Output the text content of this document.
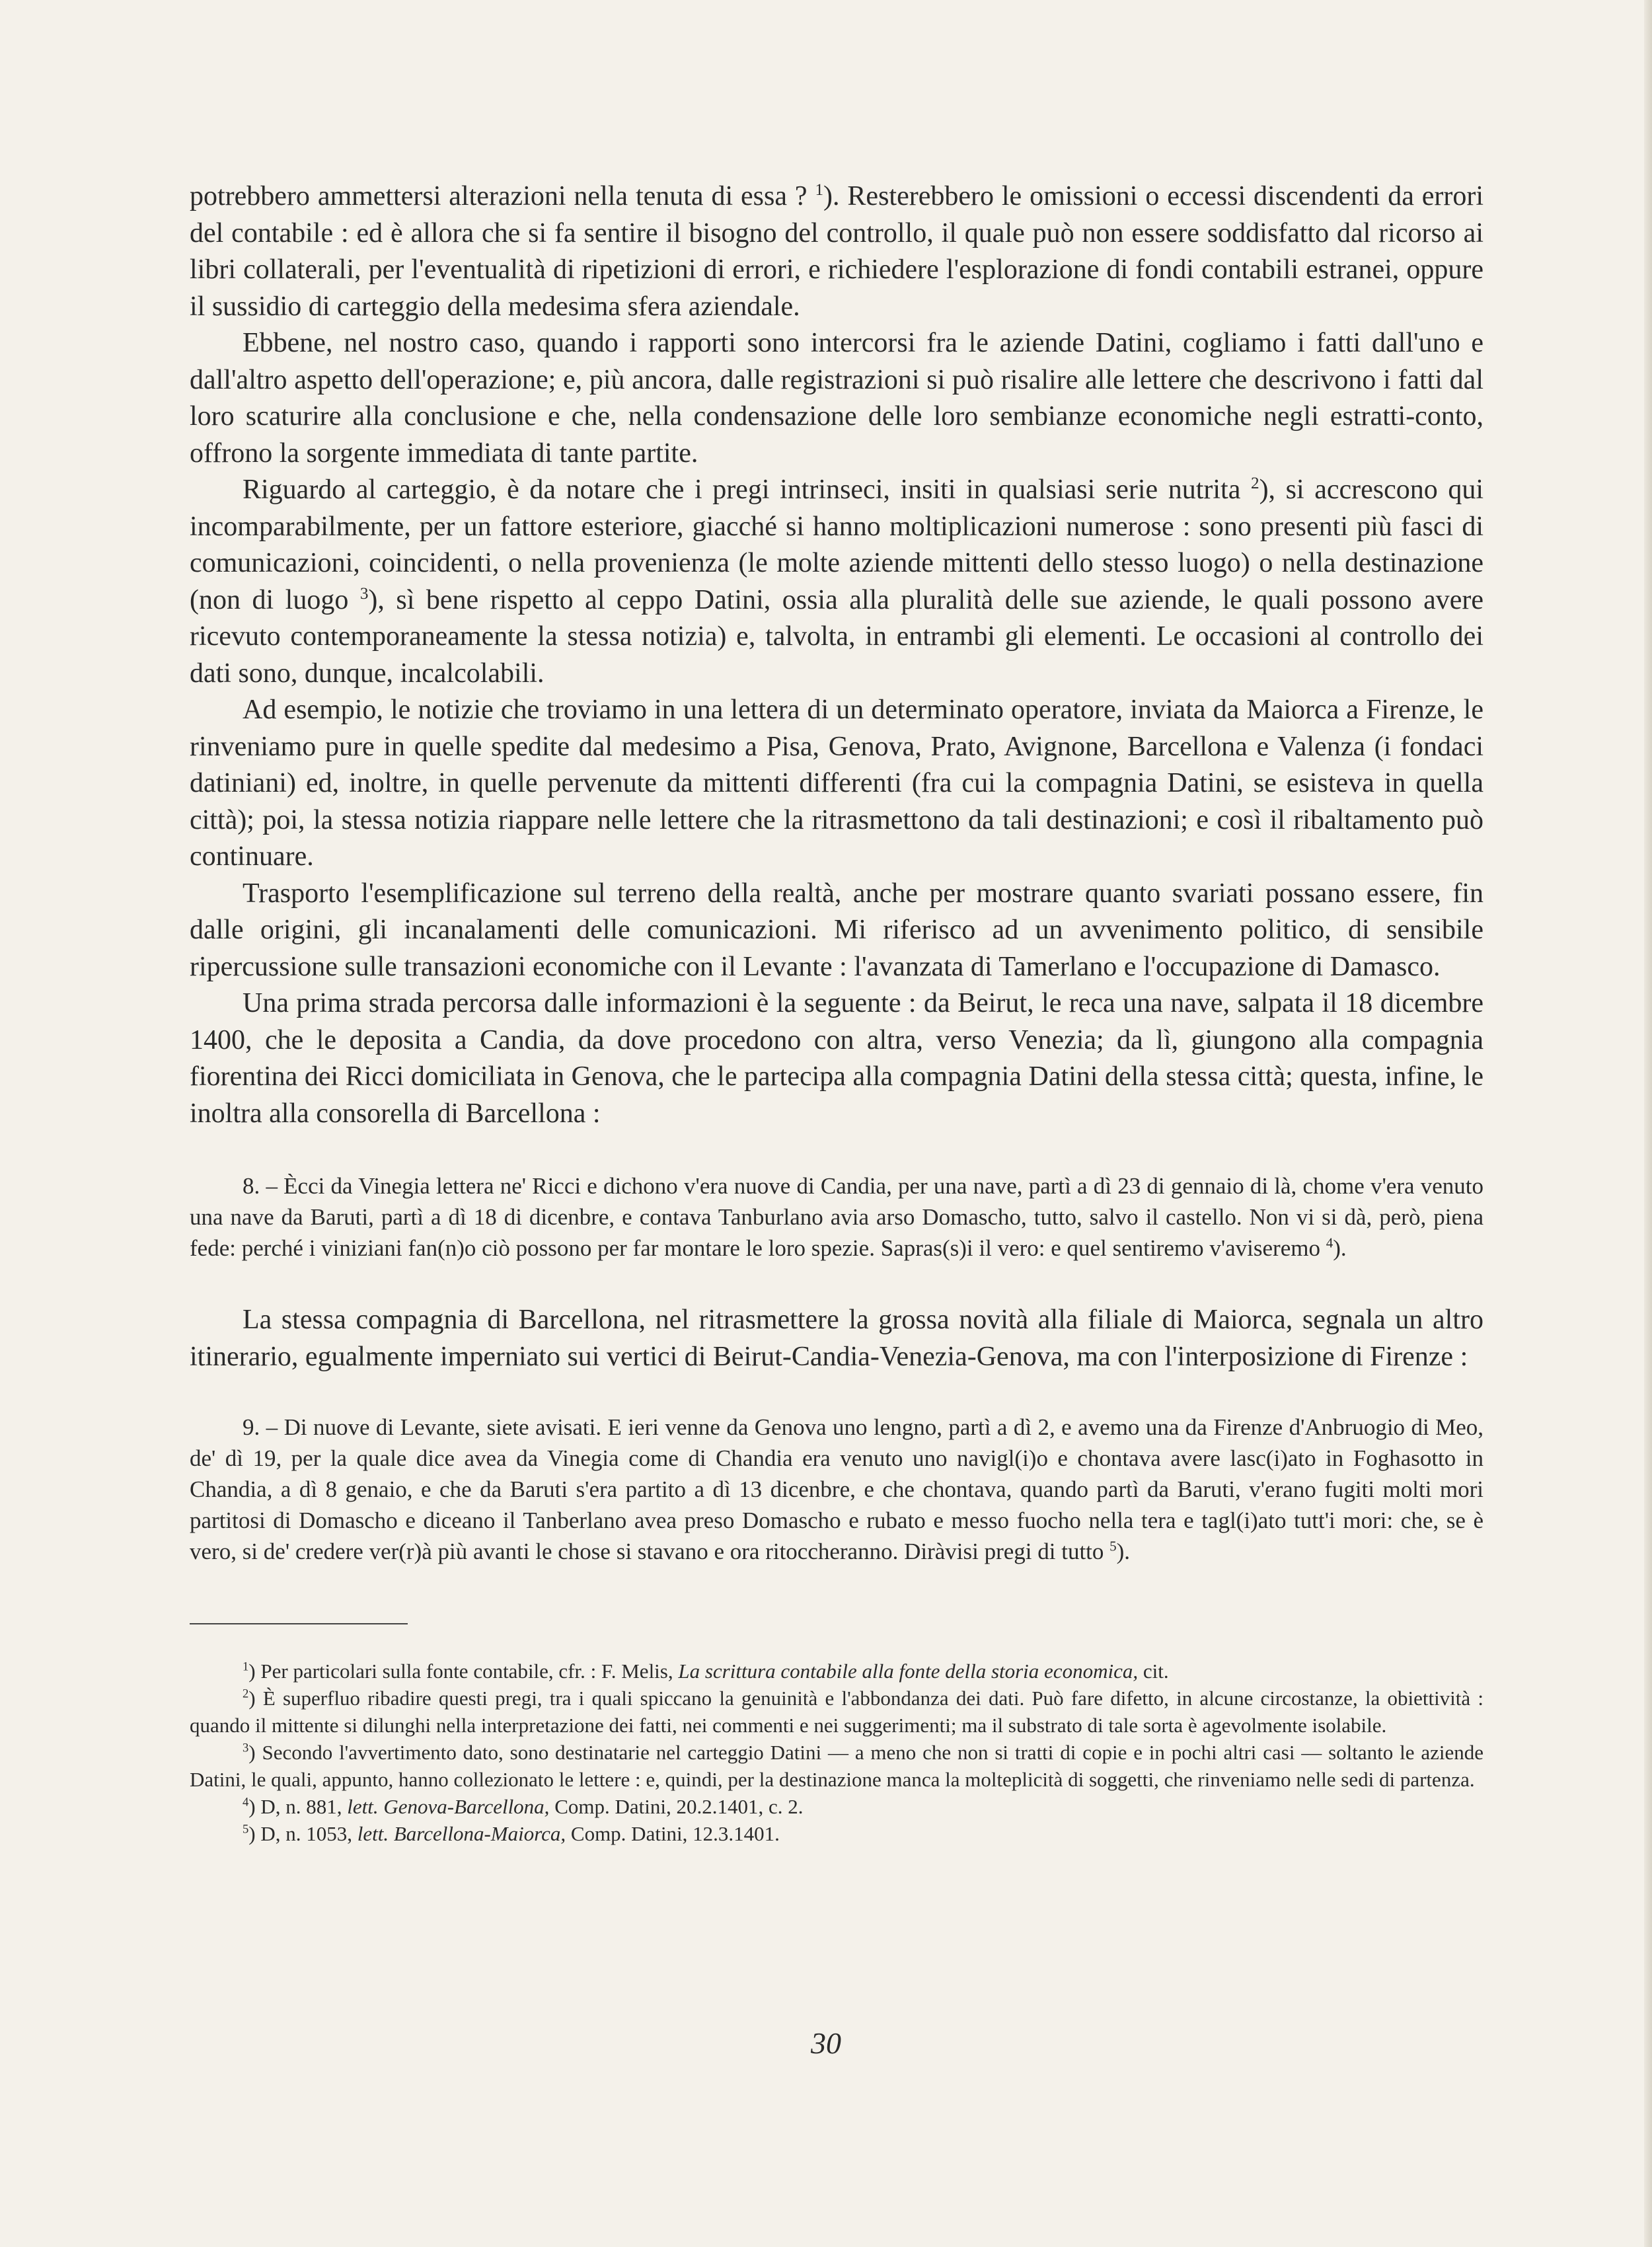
potrebbero ammettersi alterazioni nella tenuta di essa ? $^1$). Resterebbero le omissioni o eccessi discendenti da errori del contabile : ed è allora che si fa sentire il bisogno del controllo, il quale può non essere soddisfatto dal ricorso ai libri collaterali, per l'eventualità di ripetizioni di errori, e richiedere l'esplorazione di fondi contabili estranei, oppure il sussidio di carteggio della medesima sfera aziendale.

Ebbene, nel nostro caso, quando i rapporti sono intercorsi fra le aziende Datini, cogliamo i fatti dall'uno e dall'altro aspetto dell'operazione; e, più ancora, dalle registrazioni si può risalire alle lettere che descrivono i fatti dal loro scaturire alla conclusione e che, nella condensazione delle loro sembianze economiche negli estratti-conto, offrono la sorgente immediata di tante partite.

Riguardo al carteggio, è da notare che i pregi intrinseci, insiti in qualsiasi serie nutrita $^2$), si accrescono qui incomparabilmente, per un fattore esteriore, giacché si hanno moltiplicazioni numerose : sono presenti più fasci di comunicazioni, coincidenti, o nella provenienza (le molte aziende mittenti dello stesso luogo) o nella destinazione (non di luogo $^3$), sì bene rispetto al ceppo Datini, ossia alla pluralità delle sue aziende, le quali possono avere ricevuto contemporaneamente la stessa notizia) e, talvolta, in entrambi gli elementi. Le occasioni al controllo dei dati sono, dunque, incalcolabili.

Ad esempio, le notizie che troviamo in una lettera di un determinato operatore, inviata da Maiorca a Firenze, le rinveniamo pure in quelle spedite dal medesimo a Pisa, Genova, Prato, Avignone, Barcellona e Valenza (i fondaci datiniani) ed, inoltre, in quelle pervenute da mittenti differenti (fra cui la compagnia Datini, se esisteva in quella città); poi, la stessa notizia riappare nelle lettere che la ritrasmettono da tali destinazioni; e così il ribaltamento può continuare.

Trasporto l'esemplificazione sul terreno della realtà, anche per mostrare quanto svariati possano essere, fin dalle origini, gli incanalamenti delle comunicazioni. Mi riferisco ad un avvenimento politico, di sensibile ripercussione sulle transazioni economiche con il Levante : l'avanzata di Tamerlano e l'occupazione di Damasco.

Una prima strada percorsa dalle informazioni è la seguente : da Beirut, le reca una nave, salpata il 18 dicembre 1400, che le deposita a Candia, da dove procedono con altra, verso Venezia; da lì, giungono alla compagnia fiorentina dei Ricci domiciliata in Genova, che le partecipa alla compagnia Datini della stessa città; questa, infine, le inoltra alla consorella di Barcellona :

8. – Ècci da Vinegia lettera ne' Ricci e dichono v'era nuove di Candia, per una nave, partì a dì 23 di gennaio di là, chome v'era venuto una nave da Baruti, partì a dì 18 di dicenbre, e contava Tanburlano avia arso Domascho, tutto, salvo il castello. Non vi si dà, però, piena fede: perché i viniziani fan(n)o ciò possono per far montare le loro spezie. Sapras(s)i il vero: e quel sentiremo v'aviseremo $^4$).

La stessa compagnia di Barcellona, nel ritrasmettere la grossa novità alla filiale di Maiorca, segnala un altro itinerario, egualmente imperniato sui vertici di Beirut-Candia-Venezia-Genova, ma con l'interposizione di Firenze :

9. – Di nuove di Levante, siete avisati. E ieri venne da Genova uno lengno, partì a dì 2, e avemo una da Firenze d'Anbruogio di Meo, de' dì 19, per la quale dice avea da Vinegia come di Chandia era venuto uno navigl(i)o e chontava avere lasc(i)ato in Foghasotto in Chandia, a dì 8 genaio, e che da Baruti s'era partito a dì 13 dicenbre, e che chontava, quando partì da Baruti, v'erano fugiti molti mori partitosi di Domascho e diceano il Tanberlano avea preso Domascho e rubato e messo fuocho nella tera e tagl(i)ato tutt'i mori: che, se è vero, si de' credere ver(r)à più avanti le chose si stavano e ora ritoccheranno. Diràvisi pregi di tutto $^5$).

$^1$) Per particolari sulla fonte contabile, cfr. : F. Melis, La scrittura contabile alla fonte della storia economica, cit.

$^2$) È superfluo ribadire questi pregi, tra i quali spiccano la genuinità e l'abbondanza dei dati. Può fare difetto, in alcune circostanze, la obiettività : quando il mittente si dilunghi nella interpretazione dei fatti, nei commenti e nei suggerimenti; ma il substrato di tale sorta è agevolmente isolabile.

$^3$) Secondo l'avvertimento dato, sono destinatarie nel carteggio Datini — a meno che non si tratti di copie e in pochi altri casi — soltanto le aziende Datini, le quali, appunto, hanno collezionato le lettere : e, quindi, per la destinazione manca la molteplicità di soggetti, che rinveniamo nelle sedi di partenza.

$^4$) D, n. 881, lett. Genova-Barcellona, Comp. Datini, 20.2.1401, c. 2.

$^5$) D, n. 1053, lett. Barcellona-Maiorca, Comp. Datini, 12.3.1401.

30
